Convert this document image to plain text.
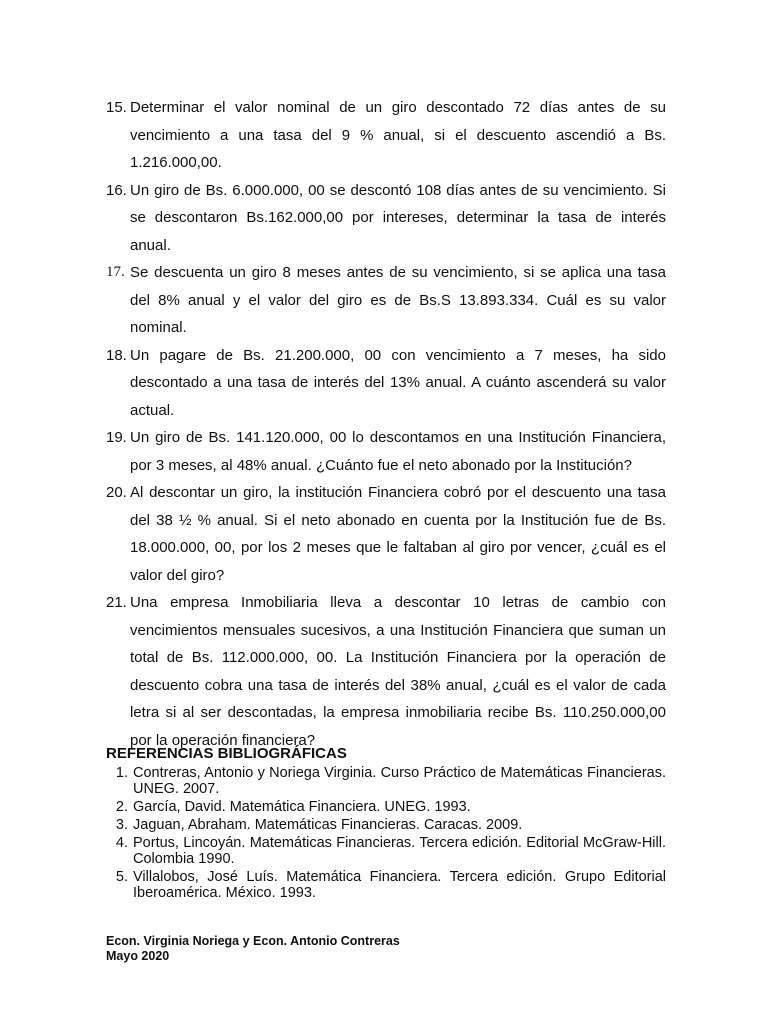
15. Determinar el valor nominal de un giro descontado 72 días antes de su vencimiento a una tasa del 9 % anual, si el descuento ascendió a Bs. 1.216.000,00.
16. Un giro de Bs. 6.000.000, 00 se descontó 108 días antes de su vencimiento. Si se descontaron Bs.162.000,00 por intereses, determinar la tasa de interés anual.
17. Se descuenta un giro 8 meses antes de su vencimiento, si se aplica una tasa del 8% anual y el valor del giro es de Bs.S 13.893.334. Cuál es su valor nominal.
18. Un pagare de Bs. 21.200.000, 00 con vencimiento a 7 meses, ha sido descontado a una tasa de interés del 13% anual. A cuánto ascenderá su valor actual.
19. Un giro de Bs. 141.120.000, 00 lo descontamos en una Institución Financiera, por 3 meses, al 48% anual. ¿Cuánto fue el neto abonado por la Institución?
20. Al descontar un giro, la institución Financiera cobró por el descuento una tasa del 38 ½ % anual. Si el neto abonado en cuenta por la Institución fue de Bs. 18.000.000, 00, por los 2 meses que le faltaban al giro por vencer, ¿cuál es el valor del giro?
21. Una empresa Inmobiliaria lleva a descontar 10 letras de cambio con vencimientos mensuales sucesivos, a una Institución Financiera que suman un total de Bs. 112.000.000, 00. La Institución Financiera por la operación de descuento cobra una tasa de interés del 38% anual, ¿cuál es el valor de cada letra si al ser descontadas, la empresa inmobiliaria recibe Bs. 110.250.000,00 por la operación financiera?
REFERENCIAS BIBLIOGRÁFICAS
1. Contreras, Antonio y Noriega Virginia. Curso Práctico de Matemáticas Financieras. UNEG. 2007.
2. García, David. Matemática Financiera. UNEG. 1993.
3. Jaguan, Abraham. Matemáticas Financieras. Caracas. 2009.
4. Portus, Lincoyán. Matemáticas Financieras. Tercera edición. Editorial McGraw-Hill. Colombia 1990.
5. Villalobos, José Luís. Matemática Financiera. Tercera edición. Grupo Editorial Iberoamérica. México. 1993.
Econ. Virginia Noriega y Econ. Antonio Contreras
Mayo 2020
